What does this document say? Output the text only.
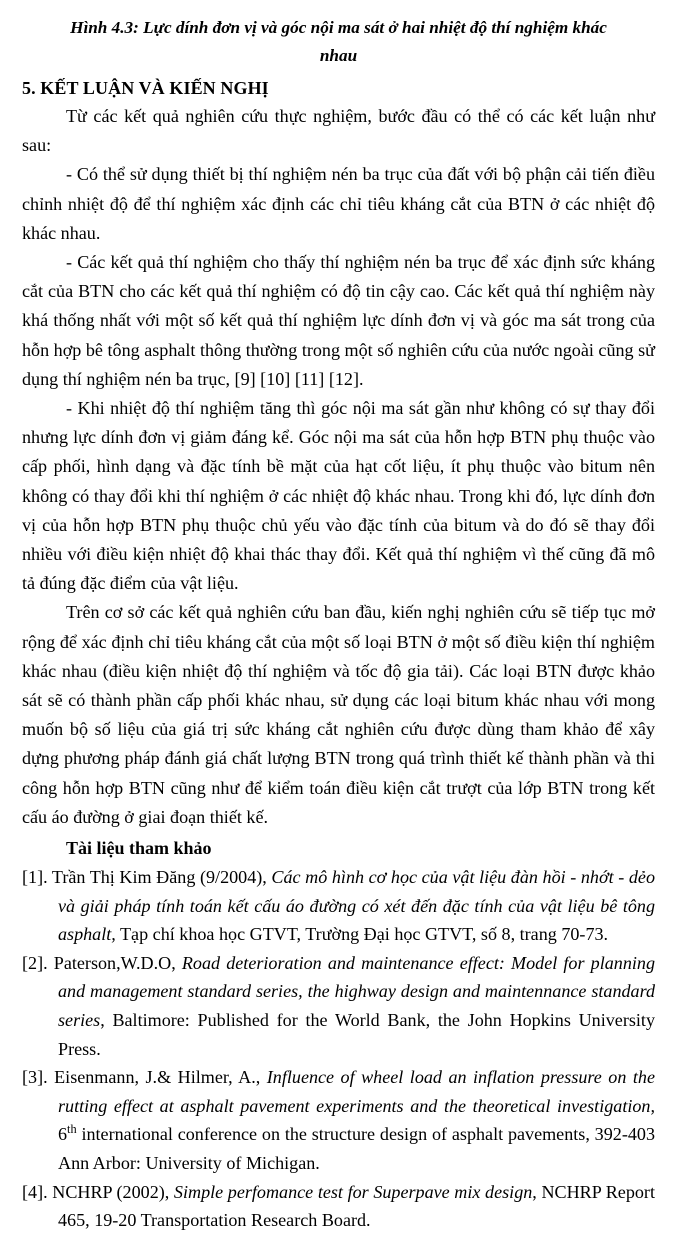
Hình 4.3: Lực dính đơn vị và góc nội ma sát ở hai nhiệt độ thí nghiệm khác nhau
5. KẾT LUẬN VÀ KIẾN NGHỊ

Từ các kết quả nghiên cứu thực nghiệm, bước đầu có thể có các kết luận như sau:

- Có thể sử dụng thiết bị thí nghiệm nén ba trục của đất với bộ phận cải tiến điều chỉnh nhiệt độ để thí nghiệm xác định các chỉ tiêu kháng cắt của BTN ở các nhiệt độ khác nhau.

- Các kết quả thí nghiệm cho thấy thí nghiệm nén ba trục để xác định sức kháng cắt của BTN cho các kết quả thí nghiệm có độ tin cậy cao. Các kết quả thí nghiệm này khá thống nhất với một số kết quả thí nghiệm lực dính đơn vị và góc ma sát trong của hỗn hợp bê tông asphalt thông thường trong một số nghiên cứu của nước ngoài cũng sử dụng thí nghiệm nén ba trục, [9] [10] [11] [12].

- Khi nhiệt độ thí nghiệm tăng thì góc nội ma sát gần như không có sự thay đổi nhưng lực dính đơn vị giảm đáng kể. Góc nội ma sát của hỗn hợp BTN phụ thuộc vào cấp phối, hình dạng và đặc tính bề mặt của hạt cốt liệu, ít phụ thuộc vào bitum nên không có thay đổi khi thí nghiệm ở các nhiệt độ khác nhau. Trong khi đó, lực dính đơn vị của hỗn hợp BTN phụ thuộc chủ yếu vào đặc tính của bitum và do đó sẽ thay đổi nhiều với điều kiện nhiệt độ khai thác thay đổi. Kết quả thí nghiệm vì thế cũng đã mô tả đúng đặc điểm của vật liệu.

Trên cơ sở các kết quả nghiên cứu ban đầu, kiến nghị nghiên cứu sẽ tiếp tục mở rộng để xác định chỉ tiêu kháng cắt của một số loại BTN ở một số điều kiện thí nghiệm khác nhau (điều kiện nhiệt độ thí nghiệm và tốc độ gia tải). Các loại BTN được khảo sát sẽ có thành phần cấp phối khác nhau, sử dụng các loại bitum khác nhau với mong muốn bộ số liệu của giá trị sức kháng cắt nghiên cứu được dùng tham khảo để xây dựng phương pháp đánh giá chất lượng BTN trong quá trình thiết kế thành phần và thi công hỗn hợp BTN cũng như để kiểm toán điều kiện cắt trượt của lớp BTN trong kết cấu áo đường ở giai đoạn thiết kế.

Tài liệu tham khảo

[1]. Trần Thị Kim Đăng (9/2004), Các mô hình cơ học của vật liệu đàn hồi - nhớt - dẻo và giải pháp tính toán kết cấu áo đường có xét đến đặc tính của vật liệu bê tông asphalt, Tạp chí khoa học GTVT, Trường Đại học GTVT, số 8, trang 70-73.

[2]. Paterson,W.D.O, Road deterioration and maintenance effect: Model for planning and management standard series, the highway design and maintennance standard series, Baltimore: Published for the World Bank, the John Hopkins University Press.

[3]. Eisenmann, J.& Hilmer, A., Influence of wheel load an inflation pressure on the rutting effect at asphalt pavement experiments and the theoretical investigation, 6th international conference on the structure design of asphalt pavements, 392-403 Ann Arbor: University of Michigan.

[4]. NCHRP (2002), Simple perfomance test for Superpave mix design, NCHRP Report 465, 19-20 Transportation Research Board.
